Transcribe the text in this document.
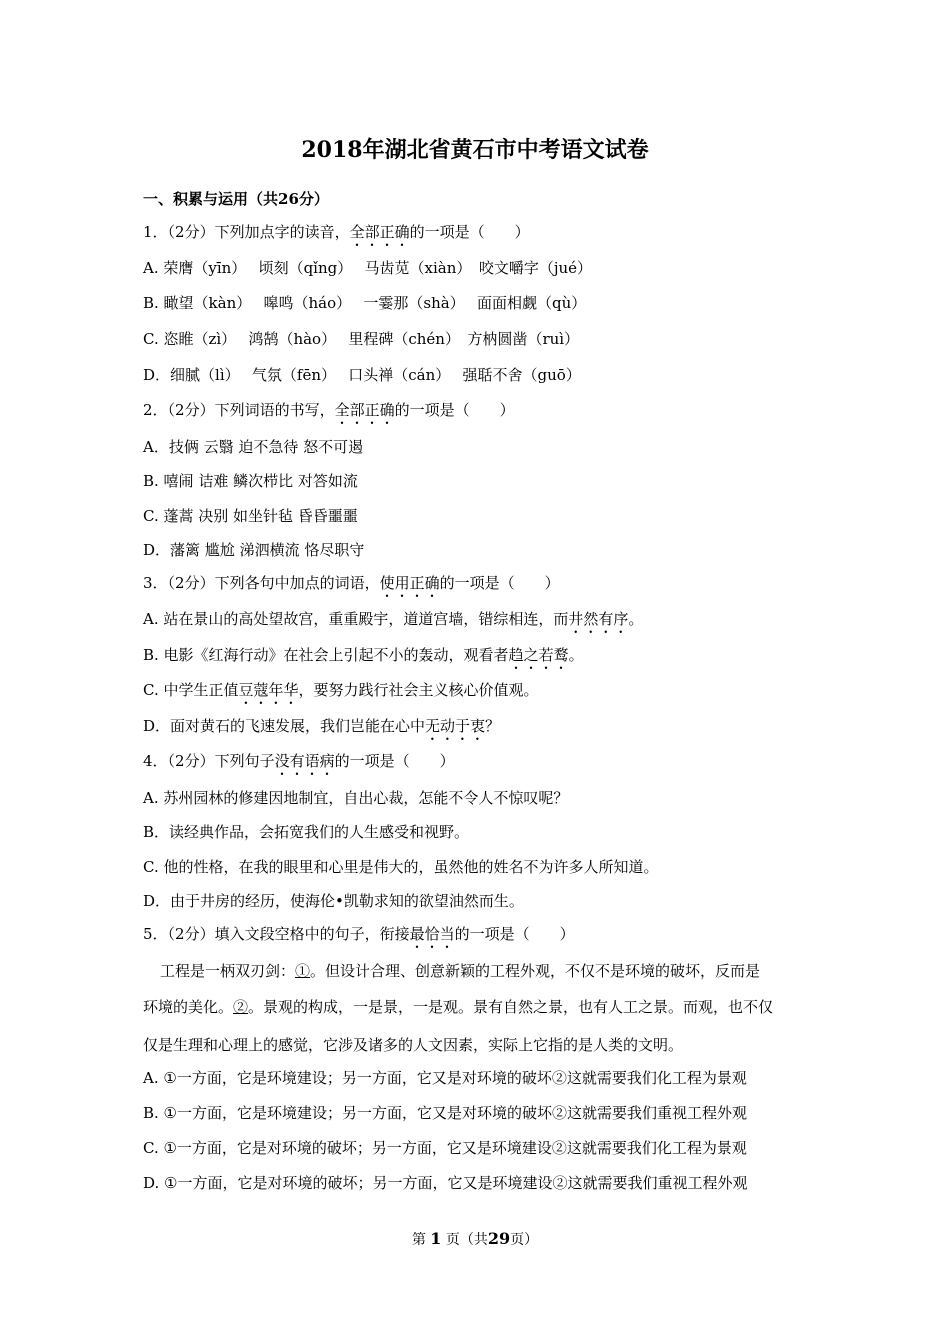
2018年湖北省黄石市中考语文试卷
一、积累与运用（共26分）
1．（2分）下列加点字的读音，全部正确的一项是（　　）
A. 荣膺（yīn）　 顷刻（qǐng）　 马齿苋（xiàn）　咬文嚼字（jué）
B. 瞰望（kàn）　 嗥鸣（háo）　 一霎那（shà）　 面面相觑（qù）
C. 恣睢（zì）　 鸿鹄（hào）　 里程碑（chén）　方枘圆凿（ruì）
D．细腻（lì）　 气氛（fēn）　 口头禅（cán）　 强聒不舍（guō）
2．（2分）下列词语的书写，全部正确的一项是（　　）
A．技俩 云翳 迫不急待 怒不可遏
B. 嘻闹 诘难 鳞次栉比 对答如流
C. 蓬蒿 决别 如坐针毡 昏昏噩噩
D．藩篱 尴尬 涕泗横流 恪尽职守
3．（2分）下列各句中加点的词语，使用正确的一项是（　　）
A. 站在景山的高处望故宫，重重殿宇，道道宫墙，错综相连，而井然有序。
B. 电影《红海行动》在社会上引起不小的轰动，观看者趋之若鹜。
C. 中学生正值豆蔻年华，要努力践行社会主义核心价值观。
D．面对黄石的飞速发展，我们岂能在心中无动于衷？
4．（2分）下列句子没有语病的一项是（　　）
A. 苏州园林的修建因地制宜，自出心裁，怎能不令人不惊叹呢？
B．读经典作品，会拓宽我们的人生感受和视野。
C. 他的性格，在我的眼里和心里是伟大的，虽然他的姓名不为许多人所知道。
D．由于井房的经历，使海伦•凯勒求知的欲望油然而生。
5．（2分）填入文段空格中的句子，衔接最恰当的一项是（　　）
工程是一柄双刃剑：①。但设计合理、创意新颖的工程外观，不仅不是环境的破坏，反而是
环境的美化。②。景观的构成，一是景，一是观。景有自然之景，也有人工之景。而观，也不仅
仅是生理和心理上的感觉，它涉及诸多的人文因素，实际上它指的是人类的文明。
A. ①一方面，它是环境建设；另一方面，它又是对环境的破坏②这就需要我们化工程为景观
B. ①一方面，它是环境建设；另一方面，它又是对环境的破坏②这就需要我们重视工程外观
C. ①一方面，它是对环境的破坏；另一方面，它又是环境建设②这就需要我们化工程为景观
D. ①一方面，它是对环境的破坏；另一方面，它又是环境建设②这就需要我们重视工程外观
第 1 页（共29页）
